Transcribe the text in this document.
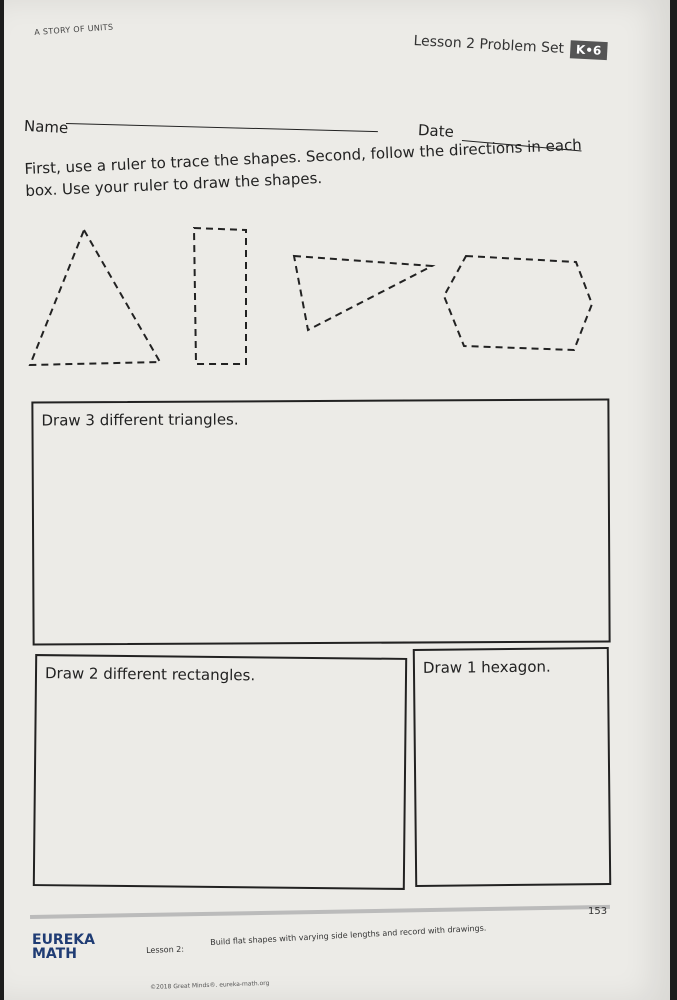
A STORY OF UNITS
Lesson 2 Problem Set K•6
Name	Date
First, use a ruler to trace the shapes. Second, follow the directions in each box. Use your ruler to draw the shapes.
Draw 3 different triangles.
Draw 2 different rectangles.	Draw 1 hexagon.
153
EUREKA
MATH	Lesson 2:
Build flat shapes with varying side lengths and record with drawings.
©2018 Great Minds®. eureka-math.org
